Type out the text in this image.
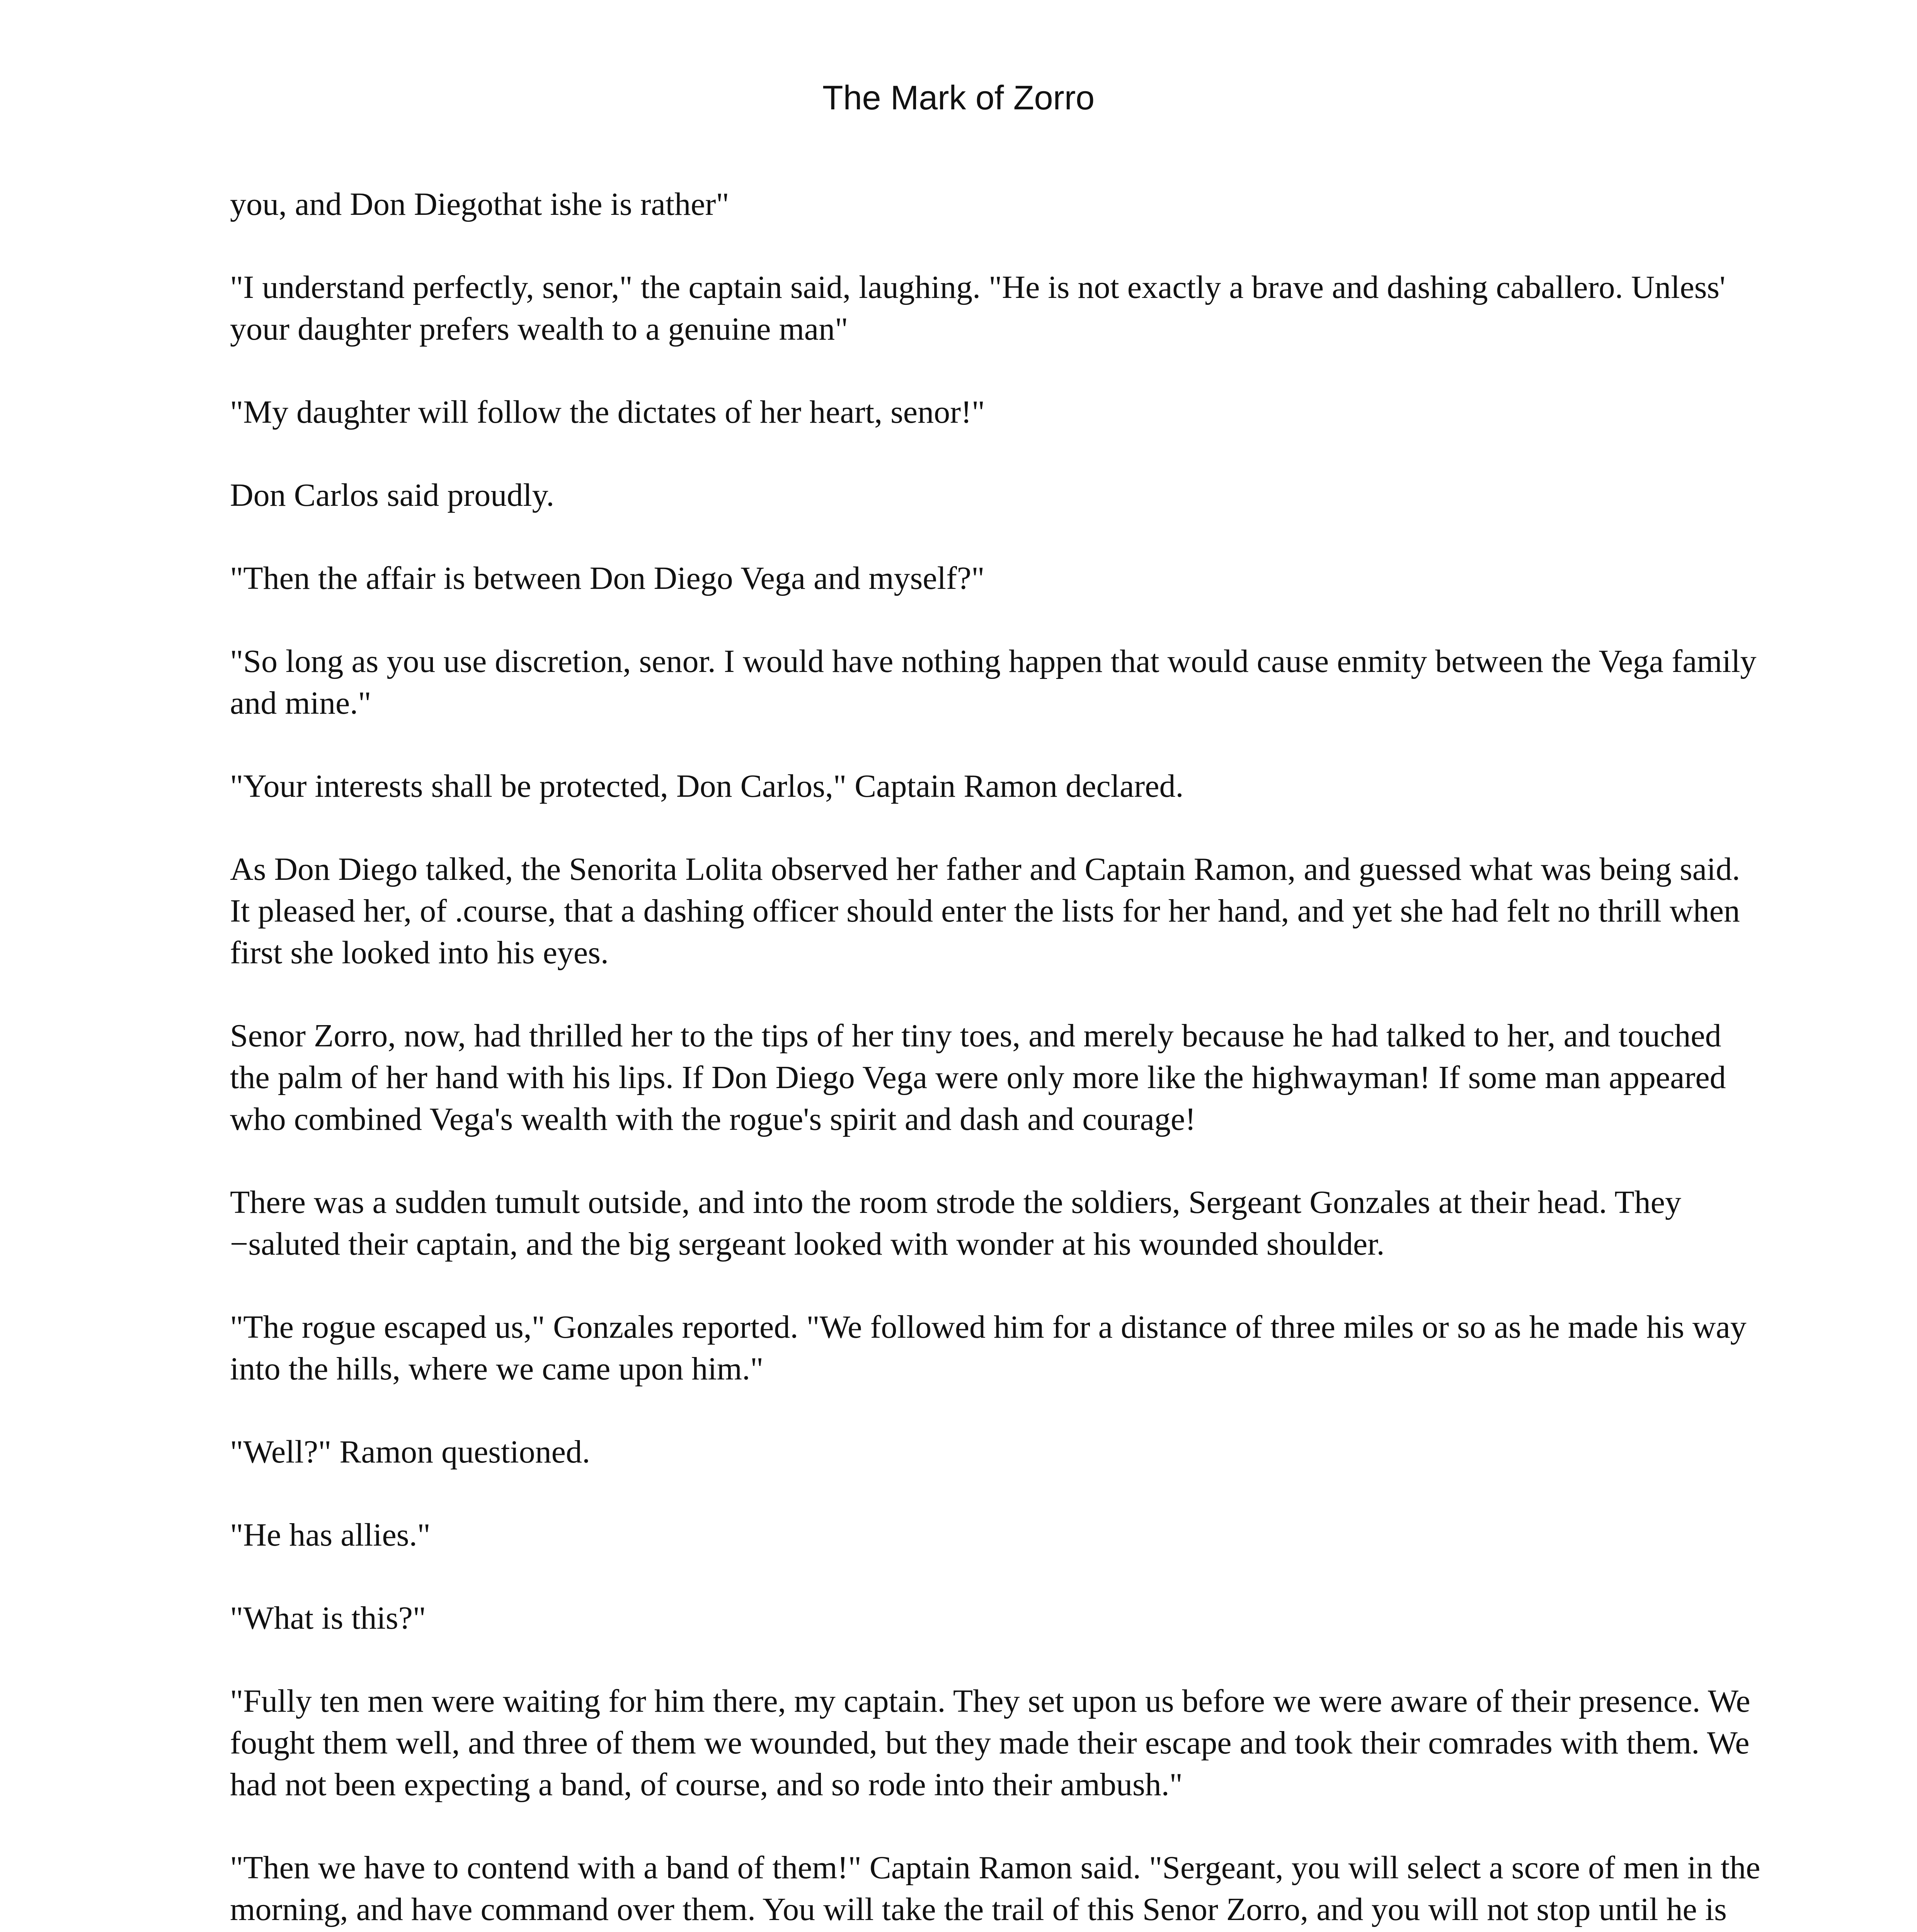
The Mark of Zorro

you, and Don Diegothat ishe is rather"

"I understand perfectly, senor," the captain said, laughing. "He is not exactly a brave and dashing caballero. Unless' your daughter prefers wealth to a genuine man"

"My daughter will follow the dictates of her heart, senor!"

Don Carlos said proudly.

"Then the affair is between Don Diego Vega and myself?"

"So long as you use discretion, senor. I would have nothing happen that would cause enmity between the Vega family and mine."

"Your interests shall be protected, Don Carlos," Captain Ramon declared.

As Don Diego talked, the Senorita Lolita observed her father and Captain Ramon, and guessed what was being said. It pleased her, of .course, that a dashing officer should enter the lists for her hand, and yet she had felt no thrill when first she looked into his eyes.

Senor Zorro, now, had thrilled her to the tips of her tiny toes, and merely because he had talked to her, and touched the palm of her hand with his lips. If Don Diego Vega were only more like the highwayman! If some man appeared who combined Vega's wealth with the rogue's spirit and dash and courage!

There was a sudden tumult outside, and into the room strode the soldiers, Sergeant Gonzales at their head. They −saluted their captain, and the big sergeant looked with wonder at his wounded shoulder.

"The rogue escaped us," Gonzales reported. "We followed him for a distance of three miles or so as he made his way into the hills, where we came upon him."

"Well?" Ramon questioned.

"He has allies."

"What is this?"

"Fully ten men were waiting for him there, my captain. They set upon us before we were aware of their presence. We fought them well, and three of them we wounded, but they made their escape and took their comrades with them. We had not been expecting a band, of course, and so rode into their ambush."

"Then we have to contend with a band of them!" Captain Ramon said. "Sergeant, you will select a score of men in the morning, and have command over them. You will take the trail of this Senor Zorro, and you will not stop until he is
